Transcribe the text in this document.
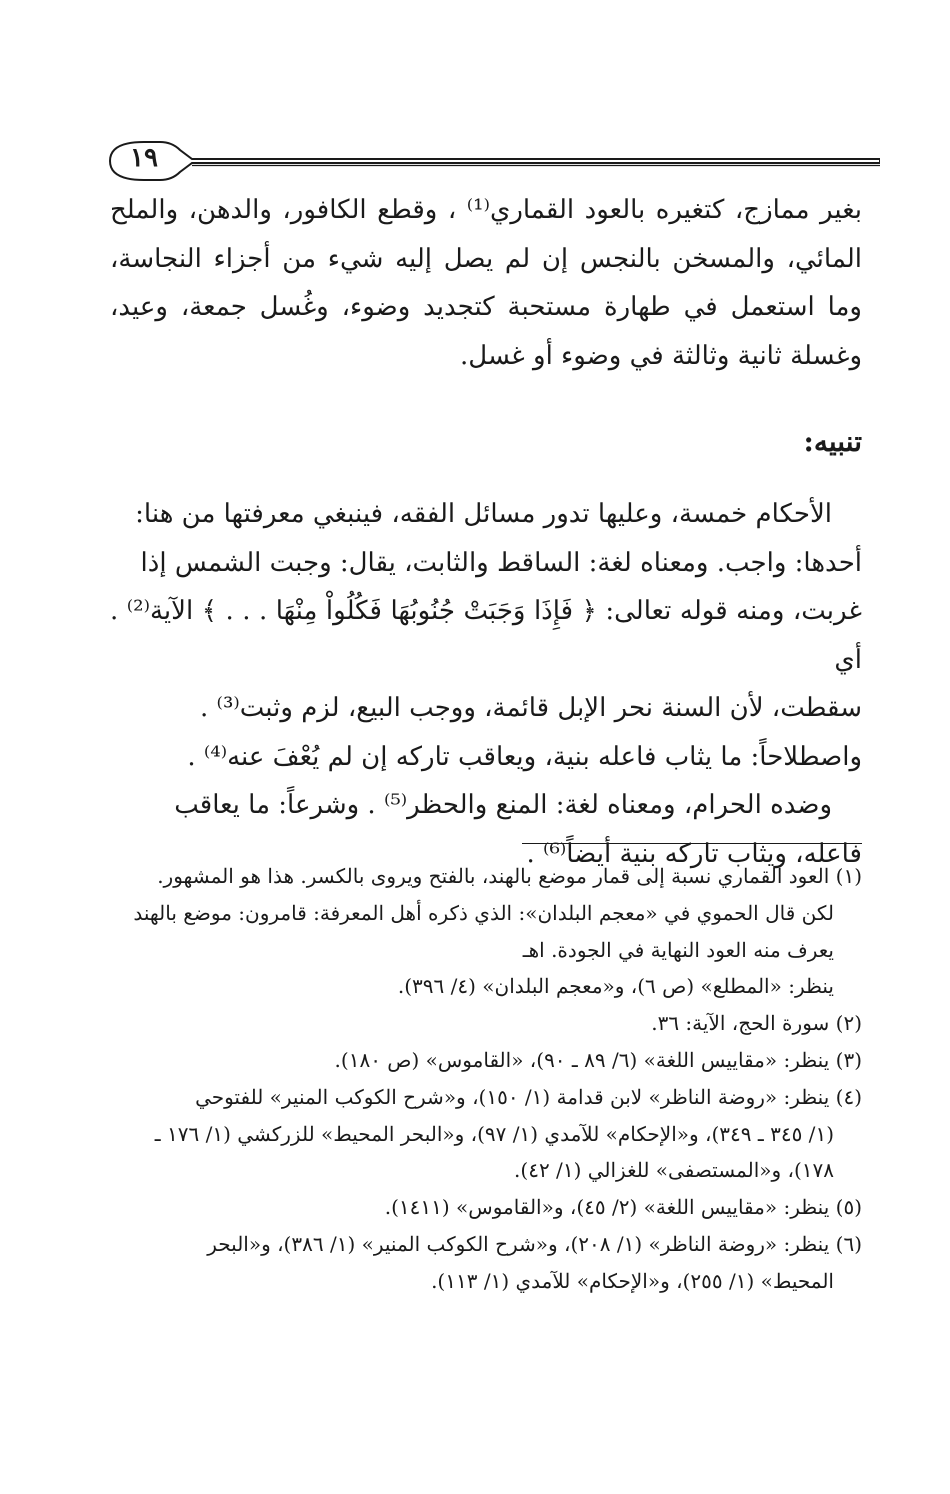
١٩
بغير ممازج، كتغيره بالعود القماري⁽¹⁾ ، وقطع الكافور، والدهن، والملح المائي، والمسخن بالنجس إن لم يصل إليه شيء من أجزاء النجاسة، وما استعمل في طهارة مستحبة كتجديد وضوء، وغُسل جمعة، وعيد، وغسلة ثانية وثالثة في وضوء أو غسل.
تنبيه:
الأحكام خمسة، وعليها تدور مسائل الفقه، فينبغي معرفتها من هنا:
أحدها: واجب. ومعناه لغة: الساقط والثابت، يقال: وجبت الشمس إذا
غربت، ومنه قوله تعالى: ﴿ فَإِذَا وَجَبَتْ جُنُوبُهَا فَكُلُواْ مِنْهَا . . . ﴾ الآية⁽²⁾ . أي
سقطت، لأن السنة نحر الإبل قائمة، ووجب البيع، لزم وثبت⁽³⁾ .
واصطلاحاً: ما يثاب فاعله بنية، ويعاقب تاركه إن لم يُعْفَ عنه⁽⁴⁾ .
وضده الحرام، ومعناه لغة: المنع والحظر⁽⁵⁾ . وشرعاً: ما يعاقب
فاعله، ويثاب تاركه بنية أيضاً⁽⁶⁾ .
(١) العود القماري نسبة إلى قمار موضع بالهند، بالفتح ويروى بالكسر. هذا هو المشهور.
لكن قال الحموي في «معجم البلدان»: الذي ذكره أهل المعرفة: قامرون: موضع بالهند
يعرف منه العود النهاية في الجودة. اهـ
ينظر: «المطلع» (ص ٦)، و«معجم البلدان» (٤/ ٣٩٦).
(٢) سورة الحج، الآية: ٣٦.
(٣) ينظر: «مقاييس اللغة» (٦/ ٨٩ ـ ٩٠)، «القاموس» (ص ١٨٠).
(٤) ينظر: «روضة الناظر» لابن قدامة (١/ ١٥٠)، و«شرح الكوكب المنير» للفتوحي
(١/ ٣٤٥ ـ ٣٤٩)، و«الإحكام» للآمدي (١/ ٩٧)، و«البحر المحيط» للزركشي (١/ ١٧٦ ـ
١٧٨)، و«المستصفى» للغزالي (١/ ٤٢).
(٥) ينظر: «مقاييس اللغة» (٢/ ٤٥)، و«القاموس» (١٤١١).
(٦) ينظر: «روضة الناظر» (١/ ٢٠٨)، و«شرح الكوكب المنير» (١/ ٣٨٦)، و«البحر
المحيط» (١/ ٢٥٥)، و«الإحكام» للآمدي (١/ ١١٣).
